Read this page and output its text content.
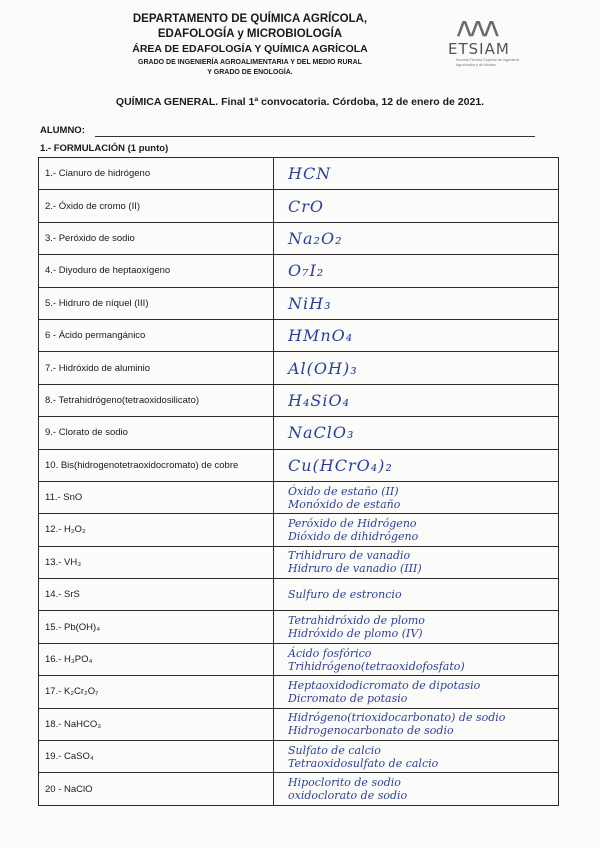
DEPARTAMENTO DE QUÍMICA AGRÍCOLA,
EDAFOLOGÍA y MICROBIOLOGÍA
ÁREA DE EDAFOLOGÍA Y QUÍMICA AGRÍCOLA
GRADO DE INGENIERÍA AGROALIMENTARIA Y DEL MEDIO RURAL
Y GRADO DE ENOLOGÍA.
ʌʌʌ
ETSIAM
Escuela Técnica Superior de Ingeniería Agronómica y de Montes
QUÍMICA GENERAL. Final 1ª convocatoria. Córdoba, 12 de enero de 2021.
ALUMNO:
1.- FORMULACIÓN (1 punto)
1.- Cianuro de hidrógeno	HCN
2.- Óxido de cromo (II)	CrO
3.- Peróxido de sodio	Na₂O₂
4.- Diyoduro de heptaoxígeno	O₇I₂
5.- Hidruro de níquel (III)	NiH₃
6 - Ácido permangánico	HMnO₄
7.- Hidróxido de aluminio	Al(OH)₃
8.- Tetrahidrógeno(tetraoxidosilicato)	H₄SiO₄
9.- Clorato de sodio	NaClO₃
10. Bis(hidrogenotetraoxidocromato) de cobre	Cu(HCrO₄)₂
11.- SnO	Óxido de estaño (II)
Monóxido de estaño

12.- H₂O₂	Peróxido de Hidrógeno
Dióxido de dihidrógeno

13.- VH₃	Trihidruro de vanadio
Hidruro de vanadio (III)

14.- SrS	Sulfuro de estroncio

15.- Pb(OH)₄	Tetrahidróxido de plomo
Hidróxido de plomo (IV)

16.- H₃PO₄	Ácido fosfórico
Trihidrógeno(tetraoxidofosfato)

17.- K₂Cr₂O₇	Heptaoxidodicromato de dipotasio
Dicromato de potasio

18.- NaHCO₃	Hidrógeno(trioxidocarbonato) de sodio
Hidrogenocarbonato de sodio

19.- CaSO₄	Sulfato de calcio
Tetraoxidosulfato de calcio

20 - NaClO	Hipoclorito de sodio
oxidoclorato de sodio
